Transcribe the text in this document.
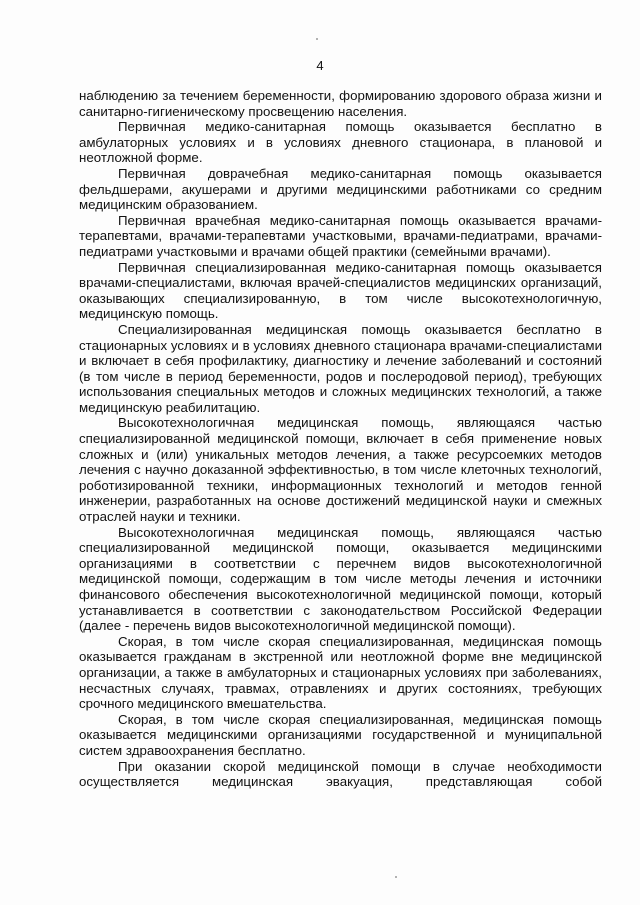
4

наблюдению за течением беременности, формированию здорового образа жизни и санитарно-гигиеническому просвещению населения.

Первичная медико-санитарная помощь оказывается бесплатно в амбулаторных условиях и в условиях дневного стационара, в плановой и неотложной форме.

Первичная доврачебная медико-санитарная помощь оказывается фельдшерами, акушерами и другими медицинскими работниками со средним медицинским образованием.

Первичная врачебная медико-санитарная помощь оказывается врачами-терапевтами, врачами-терапевтами участковыми, врачами-педиатрами, врачами-педиатрами участковыми и врачами общей практики (семейными врачами).

Первичная специализированная медико-санитарная помощь оказывается врачами-специалистами, включая врачей-специалистов медицинских организаций, оказывающих специализированную, в том числе высокотехнологичную, медицинскую помощь.

Специализированная медицинская помощь оказывается бесплатно в стационарных условиях и в условиях дневного стационара врачами-специалистами и включает в себя профилактику, диагностику и лечение заболеваний и состояний (в том числе в период беременности, родов и послеродовой период), требующих использования специальных методов и сложных медицинских технологий, а также медицинскую реабилитацию.

Высокотехнологичная медицинская помощь, являющаяся частью специализированной медицинской помощи, включает в себя применение новых сложных и (или) уникальных методов лечения, а также ресурсоемких методов лечения с научно доказанной эффективностью, в том числе клеточных технологий, роботизированной техники, информационных технологий и методов генной инженерии, разработанных на основе достижений медицинской науки и смежных отраслей науки и техники.

Высокотехнологичная медицинская помощь, являющаяся частью специализированной медицинской помощи, оказывается медицинскими организациями в соответствии с перечнем видов высокотехнологичной медицинской помощи, содержащим в том числе методы лечения и источники финансового обеспечения высокотехнологичной медицинской помощи, который устанавливается в соответствии с законодательством Российской Федерации (далее - перечень видов высокотехнологичной медицинской помощи).

Скорая, в том числе скорая специализированная, медицинская помощь оказывается гражданам в экстренной или неотложной форме вне медицинской организации, а также в амбулаторных и стационарных условиях при заболеваниях, несчастных случаях, травмах, отравлениях и других состояниях, требующих срочного медицинского вмешательства.

Скорая, в том числе скорая специализированная, медицинская помощь оказывается медицинскими организациями государственной и муниципальной систем здравоохранения бесплатно.

При оказании скорой медицинской помощи в случае необходимости осуществляется медицинская эвакуация, представляющая собой
